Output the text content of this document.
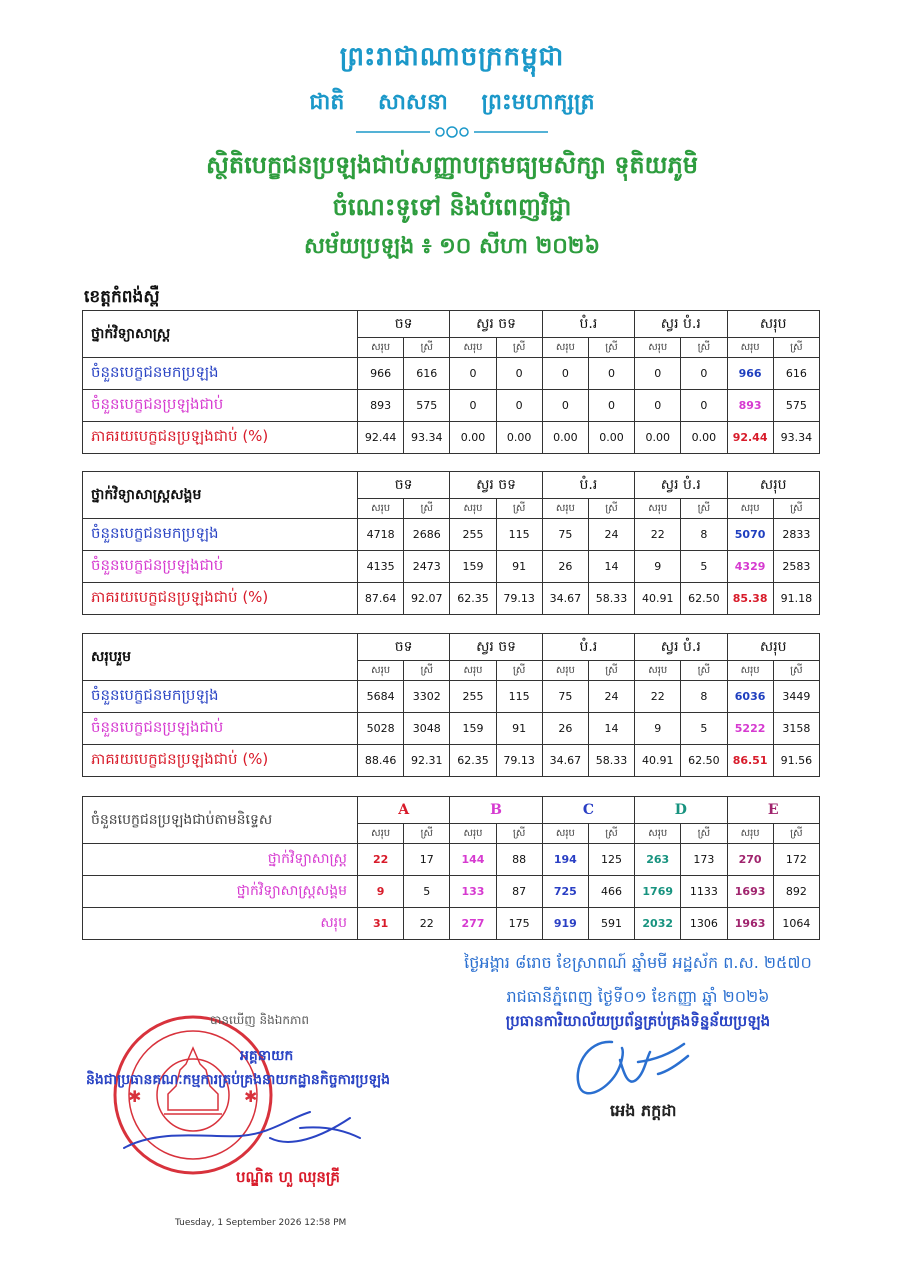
ព្រះរាជាណាចក្រកម្ពុជា
ជាតិ សាសនា ព្រះមហាក្សត្រ
ស្ថិតិបេក្ខជនប្រឡងជាប់សញ្ញាបត្រមធ្យមសិក្សា ទុតិយភូមិ
ចំណេះទូទៅ និងបំពេញវិជ្ជា
សម័យប្រឡង ៖ ១០ សីហា ២០២៦
ខេត្តកំពង់ស្ពឺ
ថ្នាក់វិទ្យាសាស្ត្រ	ចទ		ស្វរ ចទ		បំ.រ		ស្វរ បំ.រ		សរុប	
	សរុប	ស្រី	សរុប	ស្រី	សរុប	ស្រី	សរុប	ស្រី	សរុប	ស្រី
ចំនួនបេក្ខជនមកប្រឡង	966	616	0	0	0	0	0	0	966	616
ចំនួនបេក្ខជនប្រឡងជាប់	893	575	0	0	0	0	0	0	893	575
ភាគរយបេក្ខជនប្រឡងជាប់ (%)	92.44	93.34	0.00	0.00	0.00	0.00	0.00	0.00	92.44	93.34
ថ្នាក់វិទ្យាសាស្ត្រសង្គម	ចទ		ស្វរ ចទ		បំ.រ		ស្វរ បំ.រ		សរុប	
	សរុប	ស្រី	សរុប	ស្រី	សរុប	ស្រី	សរុប	ស្រី	សរុប	ស្រី
ចំនួនបេក្ខជនមកប្រឡង	4718	2686	255	115	75	24	22	8	5070	2833
ចំនួនបេក្ខជនប្រឡងជាប់	4135	2473	159	91	26	14	9	5	4329	2583
ភាគរយបេក្ខជនប្រឡងជាប់ (%)	87.64	92.07	62.35	79.13	34.67	58.33	40.91	62.50	85.38	91.18
សរុបរួម	ចទ		ស្វរ ចទ		បំ.រ		ស្វរ បំ.រ		សរុប	
	សរុប	ស្រី	សរុប	ស្រី	សរុប	ស្រី	សរុប	ស្រី	សរុប	ស្រី
ចំនួនបេក្ខជនមកប្រឡង	5684	3302	255	115	75	24	22	8	6036	3449
ចំនួនបេក្ខជនប្រឡងជាប់	5028	3048	159	91	26	14	9	5	5222	3158
ភាគរយបេក្ខជនប្រឡងជាប់ (%)	88.46	92.31	62.35	79.13	34.67	58.33	40.91	62.50	86.51	91.56
ចំនួនបេក្ខជនប្រឡងជាប់តាមនិទ្ទេស	A		B		C		D		E	
	សរុប	ស្រី	សរុប	ស្រី	សរុប	ស្រី	សរុប	ស្រី	សរុប	ស្រី
ថ្នាក់វិទ្យាសាស្ត្រ	22	17	144	88	194	125	263	173	270	172
ថ្នាក់វិទ្យាសាស្ត្រសង្គម	9	5	133	87	725	466	1769	1133	1693	892
សរុប	31	22	277	175	919	591	2032	1306	1963	1064
ថ្ងៃអង្គារ ៨រោច ខែស្រាពណ៍ ឆ្នាំមមី អដ្ឋស័ក ព.ស. ២៥៧០
រាជធានីភ្នំពេញ ថ្ងៃទី០១ ខែកញ្ញា ឆ្នាំ ២០២៦
ប្រធានការិយាល័យប្រព័ន្ធគ្រប់គ្រងទិន្នន័យប្រឡង
អេង ភក្តដា
✱	✱
បានឃើញ និងឯកភាព
អគ្គនាយក
និងជាប្រធានគណៈកម្មការគ្រប់គ្រងនាយកដ្ឋានកិច្ចការប្រឡង
បណ្ឌិត ហួ ឈុនគ្រី
Tuesday, 1 September 2026 12:58 PM
